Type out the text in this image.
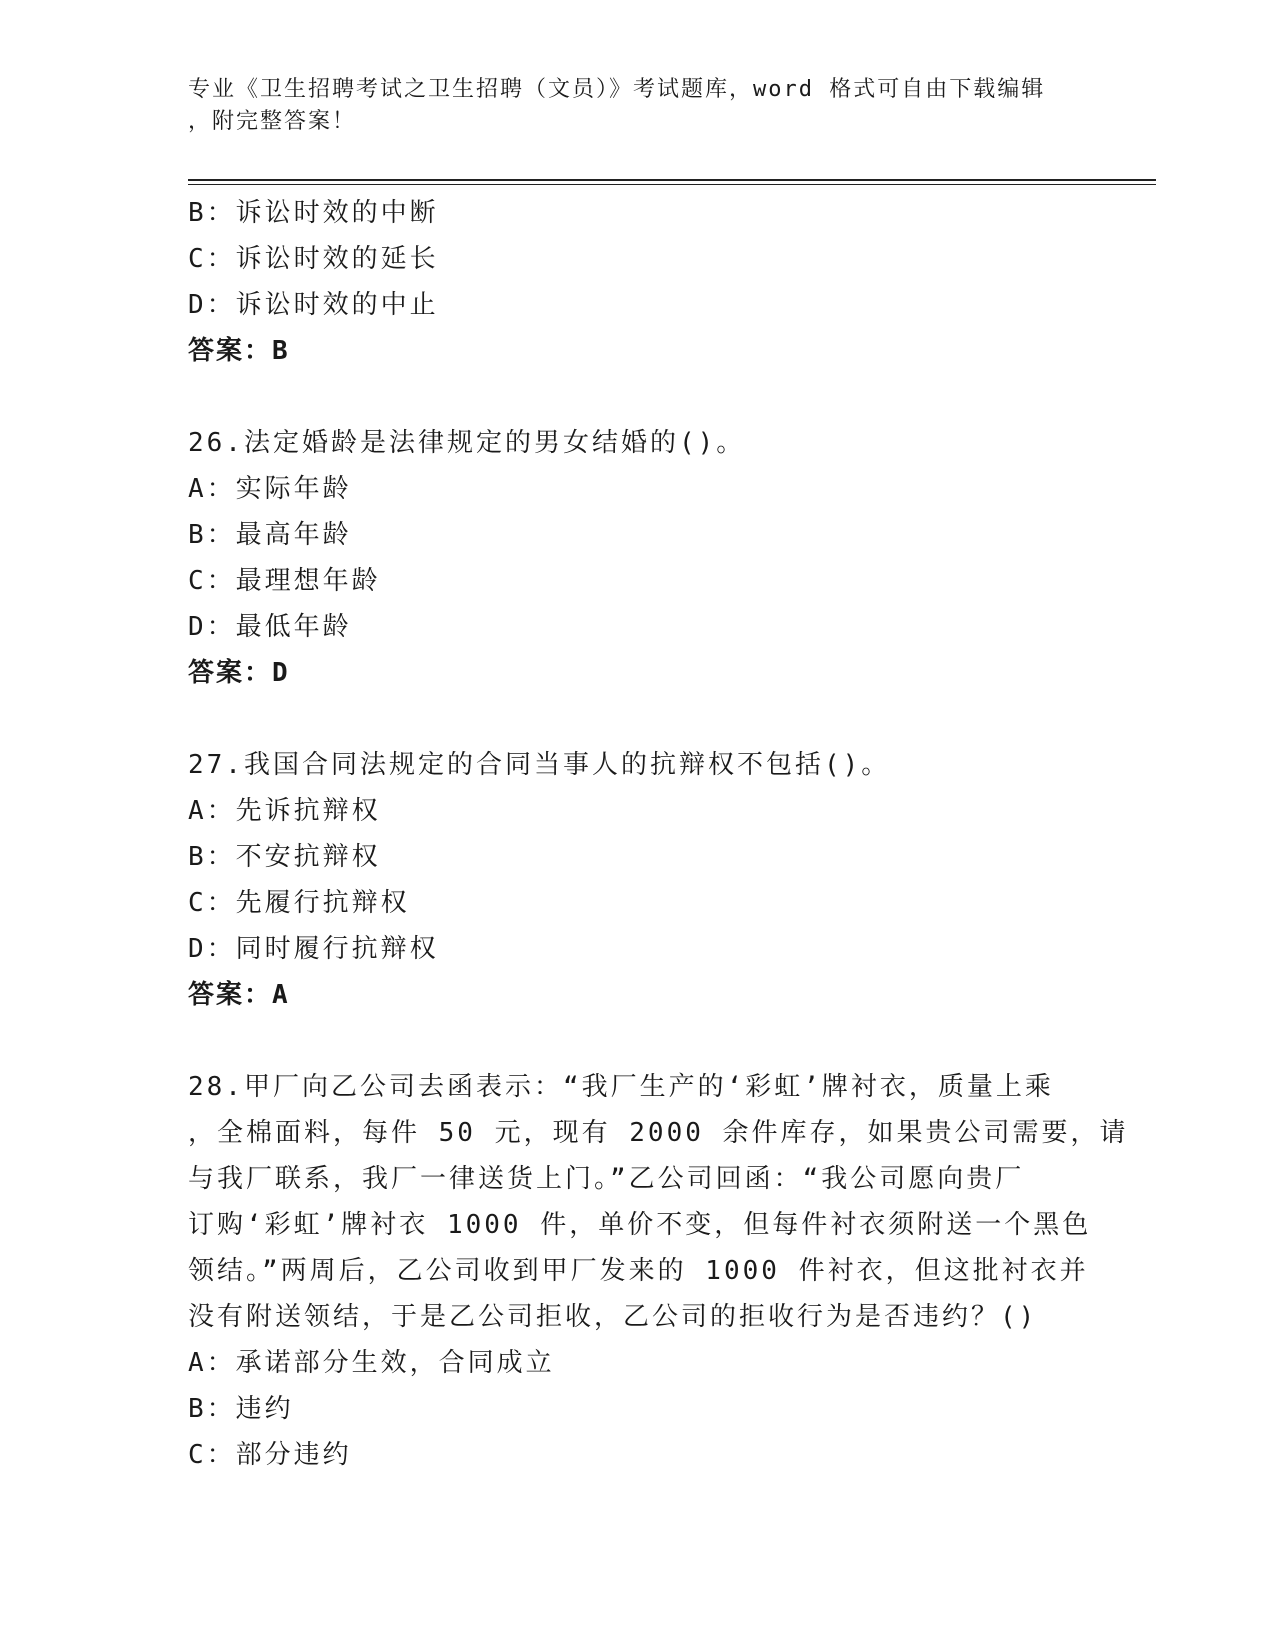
专业《卫生招聘考试之卫生招聘（文员）》考试题库，word 格式可自由下载编辑
，附完整答案！
B：诉讼时效的中断
C：诉讼时效的延长
D：诉讼时效的中止
答案：B
26.法定婚龄是法律规定的男女结婚的()。
A：实际年龄
B：最高年龄
C：最理想年龄
D：最低年龄
答案：D
27.我国合同法规定的合同当事人的抗辩权不包括()。
A：先诉抗辩权
B：不安抗辩权
C：先履行抗辩权
D：同时履行抗辩权
答案：A
28.甲厂向乙公司去函表示：“我厂生产的‘彩虹’牌衬衣，质量上乘
，全棉面料，每件 50 元，现有 2000 余件库存，如果贵公司需要，请
与我厂联系，我厂一律送货上门。”乙公司回函：“我公司愿向贵厂
订购‘彩虹’牌衬衣 1000 件，单价不变，但每件衬衣须附送一个黑色
领结。”两周后，乙公司收到甲厂发来的 1000 件衬衣，但这批衬衣并
没有附送领结，于是乙公司拒收，乙公司的拒收行为是否违约？()
A：承诺部分生效，合同成立
B：违约
C：部分违约
